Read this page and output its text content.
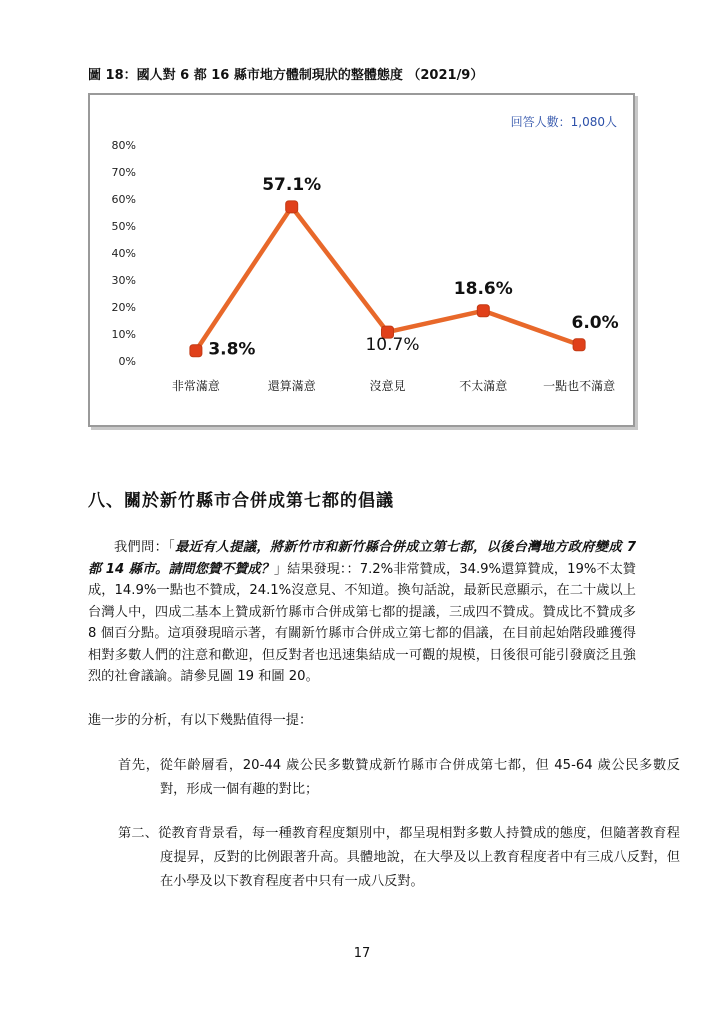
圖 18：國人對 6 都 16 縣市地方體制現狀的整體態度 （2021/9）
回答人數：1,080人
0%
10%
20%
30%
40%
50%
60%
70%
80%
非常滿意	還算滿意	沒意見	不太滿意	一點也不滿意
3.8%
57.1%
10.7%
18.6%
6.0%
八、關於新竹縣市合併成第七都的倡議
我們問：「最近有人提議，將新竹市和新竹縣合併成立第七都，以後台灣地方政府變成 7 都 14 縣市。請問您贊不贊成？」結果發現：：7.2%非常贊成，34.9%還算贊成，19%不太贊成，14.9%一點也不贊成，24.1%沒意見、不知道。換句話說，最新民意顯示，在二十歲以上台灣人中，四成二基本上贊成新竹縣市合併成第七都的提議，三成四不贊成。贊成比不贊成多 8 個百分點。這項發現暗示著，有關新竹縣市合併成立第七都的倡議，在目前起始階段雖獲得相對多數人們的注意和歡迎，但反對者也迅速集結成一可觀的規模，日後很可能引發廣泛且強烈的社會議論。請參見圖 19 和圖 20。
進一步的分析，有以下幾點值得一提：
首先，從年齡層看，20-44 歲公民多數贊成新竹縣市合併成第七都，但 45-64 歲公民多數反對，形成一個有趣的對比；
第二、從教育背景看，每一種教育程度類別中，都呈現相對多數人持贊成的態度，但隨著教育程度提昇，反對的比例跟著升高。具體地說，在大學及以上教育程度者中有三成八反對，但在小學及以下教育程度者中只有一成八反對。
17
